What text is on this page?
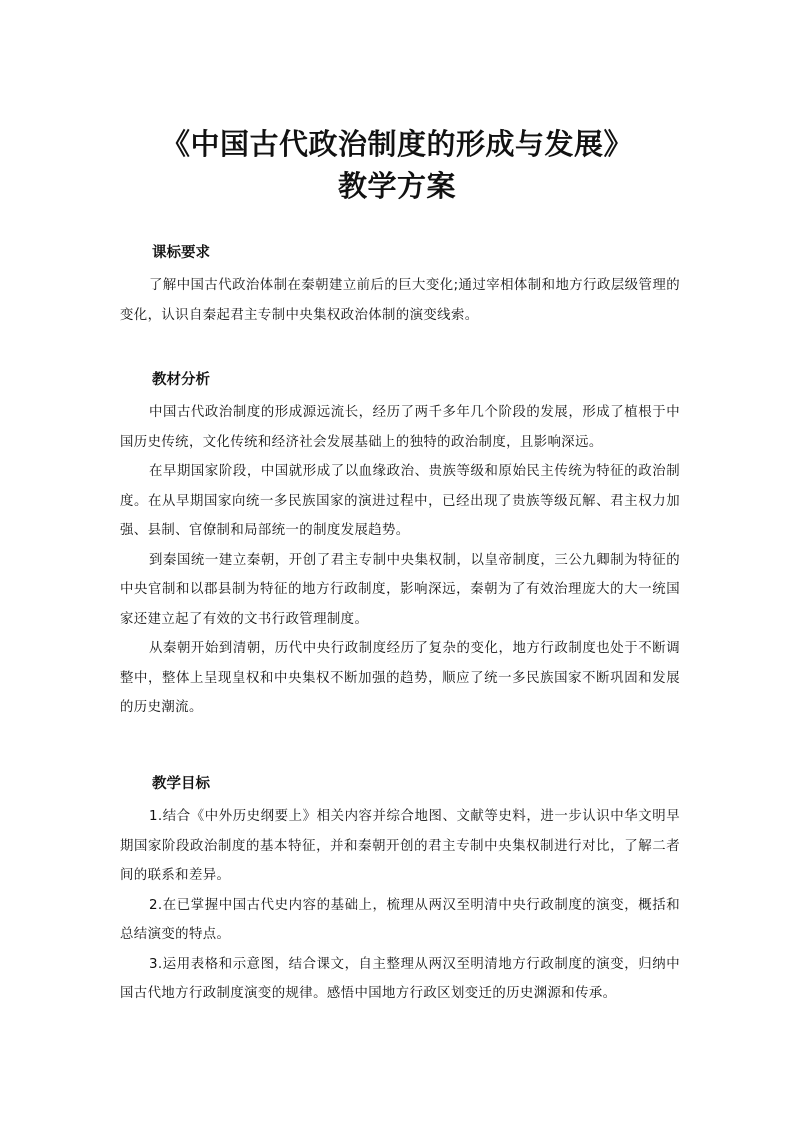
《中国古代政治制度的形成与发展》
教学方案
课标要求

了解中国古代政治体制在秦朝建立前后的巨大变化;通过宰相体制和地方行政层级管理的变化，认识自秦起君主专制中央集权政治体制的演变线索。

教材分析

中国古代政治制度的形成源远流长，经历了两千多年几个阶段的发展，形成了植根于中国历史传统，文化传统和经济社会发展基础上的独特的政治制度，且影响深远。

在早期国家阶段，中国就形成了以血缘政治、贵族等级和原始民主传统为特征的政治制度。在从早期国家向统一多民族国家的演进过程中，已经出现了贵族等级瓦解、君主权力加强、县制、官僚制和局部统一的制度发展趋势。

到秦国统一建立秦朝，开创了君主专制中央集权制，以皇帝制度，三公九卿制为特征的中央官制和以郡县制为特征的地方行政制度，影响深远，秦朝为了有效治理庞大的大一统国家还建立起了有效的文书行政管理制度。

从秦朝开始到清朝，历代中央行政制度经历了复杂的变化，地方行政制度也处于不断调整中，整体上呈现皇权和中央集权不断加强的趋势，顺应了统一多民族国家不断巩固和发展的历史潮流。

教学目标

1.结合《中外历史纲要上》相关内容并综合地图、文献等史料，进一步认识中华文明早期国家阶段政治制度的基本特征，并和秦朝开创的君主专制中央集权制进行对比，了解二者间的联系和差异。

2.在已掌握中国古代史内容的基础上，梳理从两汉至明清中央行政制度的演变，概括和总结演变的特点。

3.运用表格和示意图，结合课文，自主整理从两汉至明清地方行政制度的演变，归纳中国古代地方行政制度演变的规律。感悟中国地方行政区划变迁的历史渊源和传承。
